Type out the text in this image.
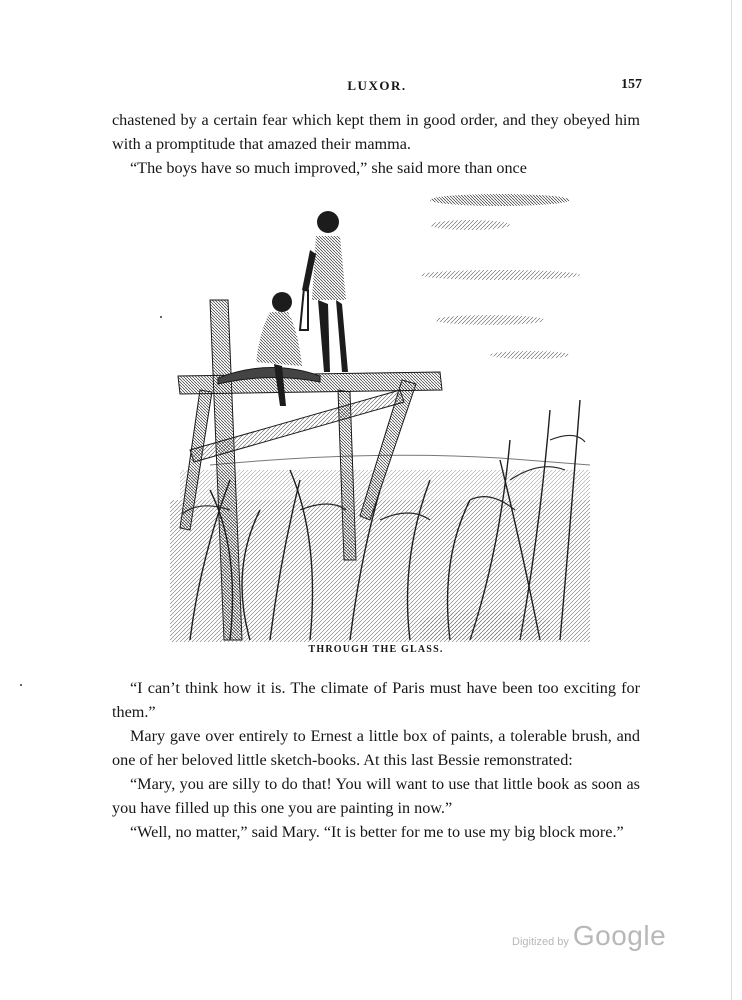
LUXOR.	157

chastened by a certain fear which kept them in good order, and they obeyed him with a promptitude that amazed their mamma.

“The boys have so much improved,” she said more than once

THROUGH THE GLASS.

“I can’t think how it is. The climate of Paris must have been too exciting for them.”

Mary gave over entirely to Ernest a little box of paints, a tolerable brush, and one of her beloved little sketch-books. At this last Bessie remonstrated:

“Mary, you are silly to do that! You will want to use that little book as soon as you have filled up this one you are painting in now.”

“Well, no matter,” said Mary. “It is better for me to use my big block more.”

Digitized by Google
